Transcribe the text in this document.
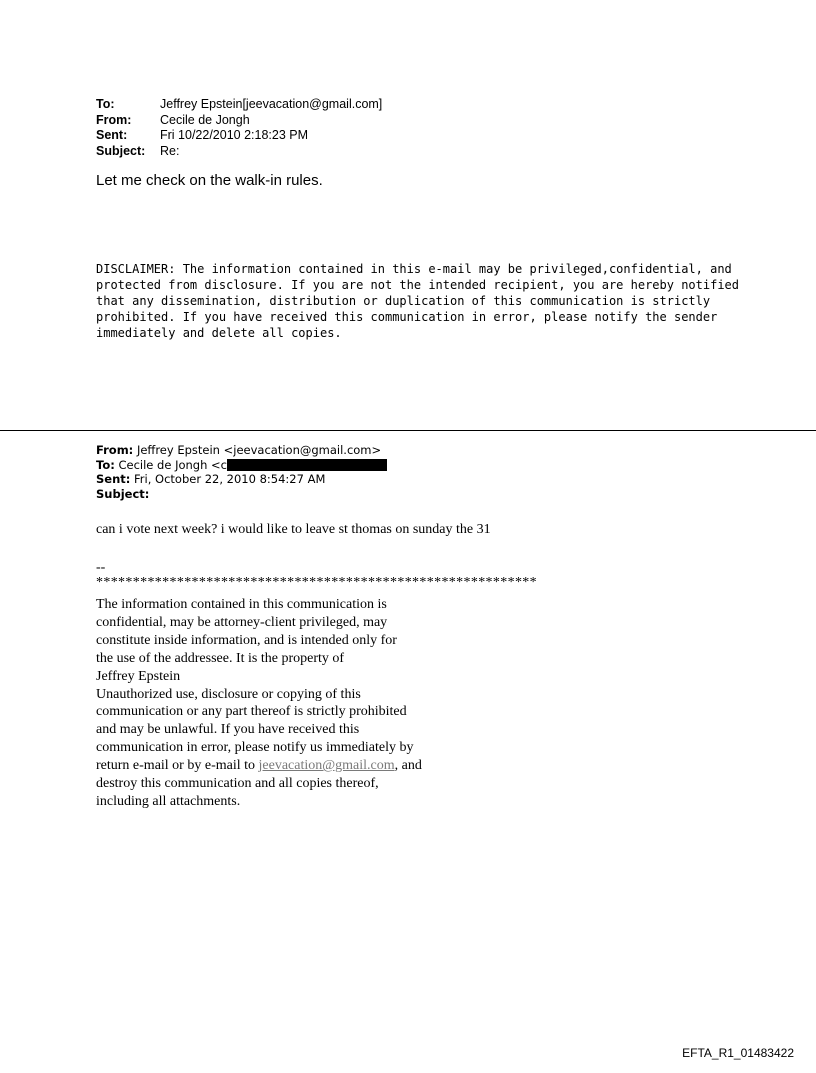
To:	Jeffrey Epstein[jeevacation@gmail.com]
From:	Cecile de Jongh
Sent:	Fri 10/22/2010 2:18:23 PM
Subject:	Re:
Let me check on the walk-in rules.
DISCLAIMER: The information contained in this e-mail may be privileged,confidential, and
protected from disclosure. If you are not the intended recipient, you are hereby notified
that any dissemination, distribution or duplication of this communication is strictly
prohibited. If you have received this communication in error, please notify the sender
immediately and delete all copies.
From: Jeffrey Epstein <jeevacation@gmail.com>
To: Cecile de Jongh <c
Sent: Fri, October 22, 2010 8:54:27 AM
Subject:
can i vote next week? i would like to leave st thomas on sunday the 31
--
************************************************************
The information contained in this communication is
confidential, may be attorney-client privileged, may
constitute inside information, and is intended only for
the use of the addressee. It is the property of
Jeffrey Epstein
Unauthorized use, disclosure or copying of this
communication or any part thereof is strictly prohibited
and may be unlawful. If you have received this
communication in error, please notify us immediately by
return e-mail or by e-mail to jeevacation@gmail.com, and
destroy this communication and all copies thereof,
including all attachments.
EFTA_R1_01483422
